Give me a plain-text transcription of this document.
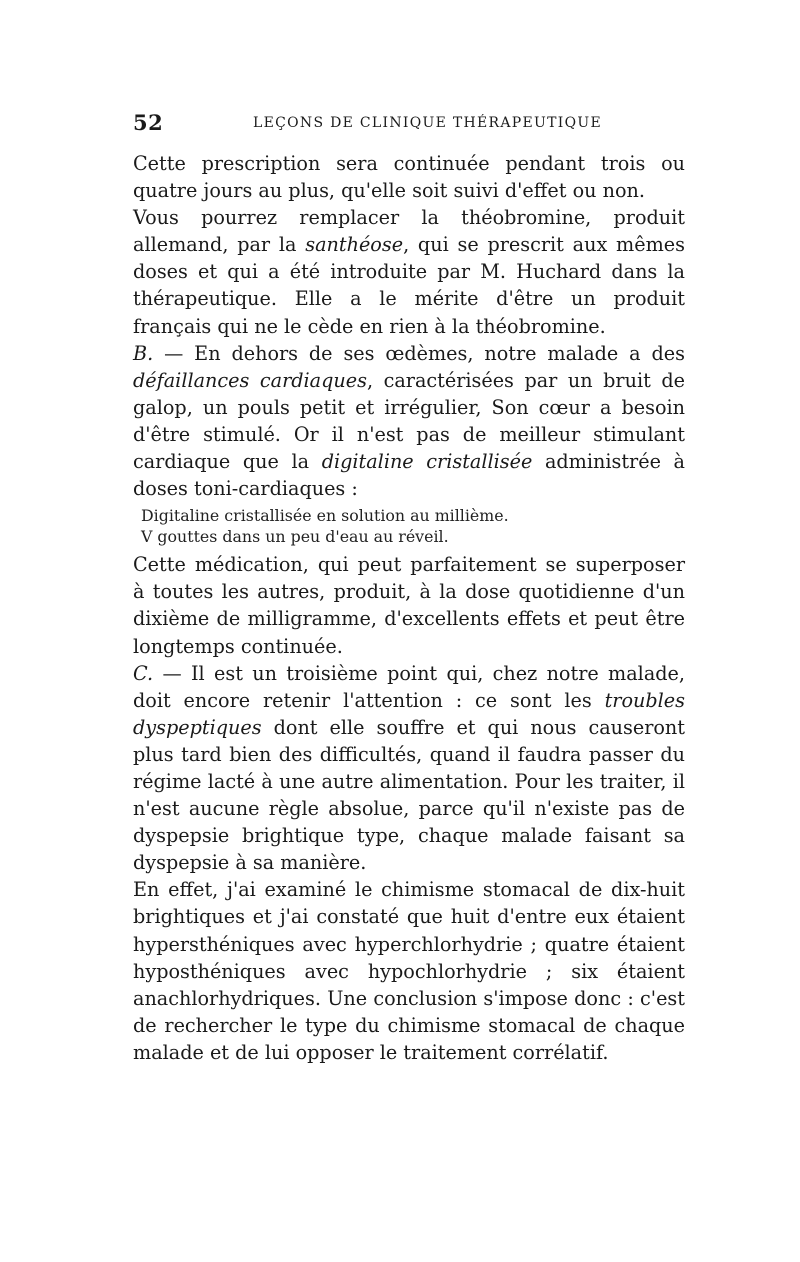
52	LEÇONS DE CLINIQUE THÉRAPEUTIQUE

Cette prescription sera continuée pendant trois ou quatre jours au plus, qu'elle soit suivi d'effet ou non.

Vous pourrez remplacer la théobromine, produit allemand, par la santhéose, qui se prescrit aux mêmes doses et qui a été introduite par M. Huchard dans la thérapeutique. Elle a le mérite d'être un produit français qui ne le cède en rien à la théobromine.

B. — En dehors de ses œdèmes, notre malade a des défaillances cardiaques, caractérisées par un bruit de galop, un pouls petit et irrégulier, Son cœur a besoin d'être stimulé. Or il n'est pas de meilleur stimulant cardiaque que la digitaline cristallisée administrée à doses toni-cardiaques :

Digitaline cristallisée en solution au millième.
V gouttes dans un peu d'eau au réveil.

Cette médication, qui peut parfaitement se superposer à toutes les autres, produit, à la dose quotidienne d'un dixième de milligramme, d'excellents effets et peut être longtemps continuée.

C. — Il est un troisième point qui, chez notre malade, doit encore retenir l'attention : ce sont les troubles dyspeptiques dont elle souffre et qui nous causeront plus tard bien des difficultés, quand il faudra passer du régime lacté à une autre alimentation. Pour les traiter, il n'est aucune règle absolue, parce qu'il n'existe pas de dyspepsie brightique type, chaque malade faisant sa dyspepsie à sa manière.

En effet, j'ai examiné le chimisme stomacal de dix-huit brightiques et j'ai constaté que huit d'entre eux étaient hypersthéniques avec hyperchlorhydrie ; quatre étaient hyposthéniques avec hypochlorhydrie ; six étaient anachlorhydriques. Une conclusion s'impose donc : c'est de rechercher le type du chimisme stomacal de chaque malade et de lui opposer le traitement corrélatif.
